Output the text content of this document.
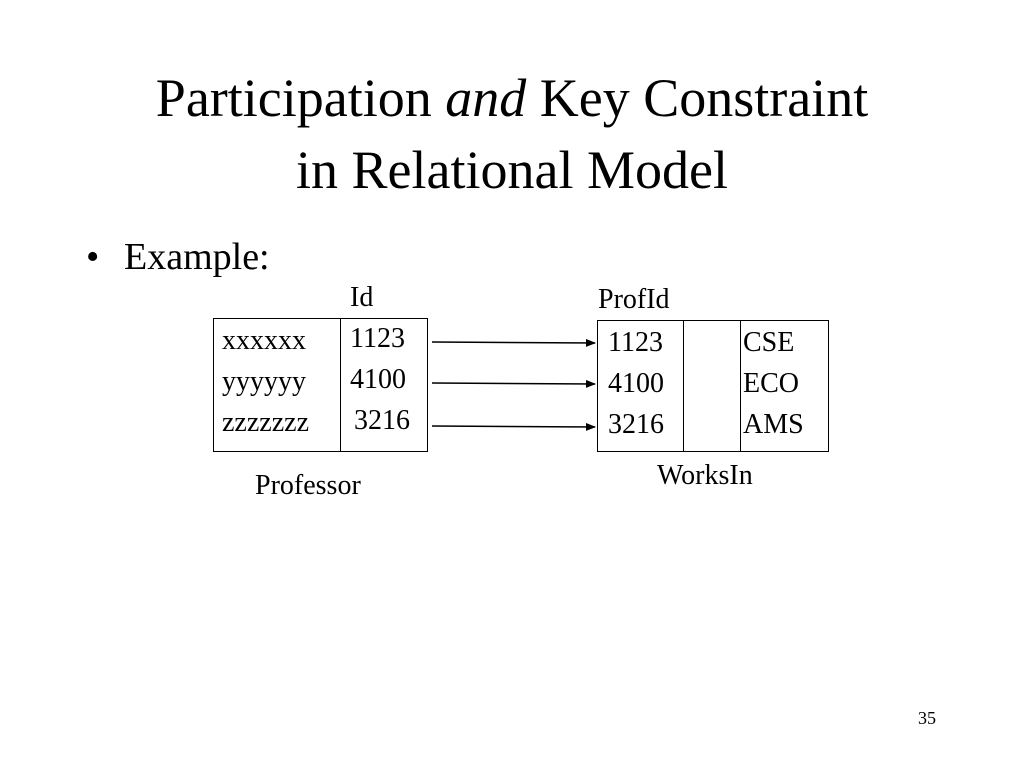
Participation and Key Constraint
in Relational Model
• Example:
Id
xxxxxx 1123
yyyyyy 4100
zzzzzzz 3216
Professor
ProfId
1123	CSE
4100	ECO
3216	AMS
WorksIn
35
